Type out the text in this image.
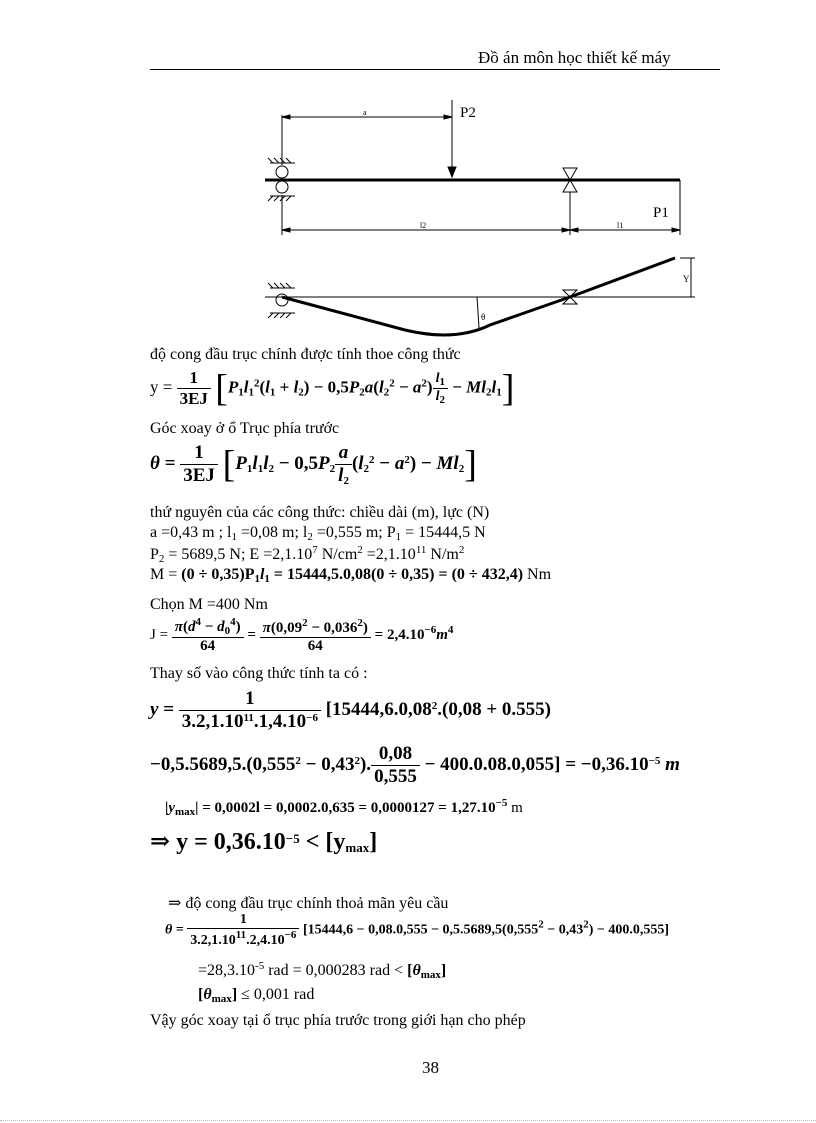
Đồ án môn học thiết kế máy
a	P2
P1
l2	l1
Y
θ
độ cong đầu trục chính được tính thoe công thức
$y = \frac{1}{3EJ} [P_1l_1^2(l_1 + l_2) - 0,5P_2a(l_2^2 - a^2) \frac{l_1}{l_2} - Ml_2l_1]$
Góc xoay ở ổ Trục phía trước
$\theta = \frac{1}{3EJ} [P_1l_1l_2 - 0,5P_2 \frac{a}{l_2} (l_2^2 - a^2) - Ml_2]$
thứ nguyên của các công thức: chiều dài (m), lực (N)
a =0,43 m ; $l_1 =0,08$ m; $l_2 =0,555$ m; $P_1 = 15444,5$ N
$P_2 = 5689,5$ N; $E =2,1.10^7$ $N/cm^2 =2,1.10^{11}$ $N/m^2$
$M = (0 \div 0,35)P_1l_1 = 15444,5.0,08(0 \div 0,35) = (0 \div 432,4)$ Nm
Chọn M =400 Nm
$J = \frac{\pi(d^4 - d_0^4)}{64} = \frac{\pi(0,09^2 - 0,036^2)}{64} = 2,4.10^{-6}m^4$
Thay số vào công thức tính ta có :
$y = \frac{1}{3.2,1.10^{11}.1,4.10^{-6}} [15444,6.0,08^2.(0,08 + 0.555)$
$-0,5.5689,5.(0,555^2 - 0,43^2)$. $\frac{0,08}{0,555} - 400.0.08.0,055] = -0,36.10^{-5}$ m
$|y_{max}| = 0,0002l = 0,0002.0,635 = 0,0000127 = 1,27.10^{-5}$ m
⇒ $y = 0,36.10^{-5} < [y_{max}]$
⇒ độ cong đầu trục chính thoả mãn yêu cầu
$\theta = \frac{1}{3.2,1.10^{11}.2,4.10^{-6}} [15444,6 - 0,08.0,555 - 0,5.5689,5(0,555^2 - 0,43^2) - 400.0,555]$
$=28,3.10^{-5}$ rad = 0,000283 rad < $[\theta_{max}]$
$[\theta_{max}] \le 0,001$ rad
Vậy góc xoay tại ổ trục phía trước trong giới hạn cho phép
38
